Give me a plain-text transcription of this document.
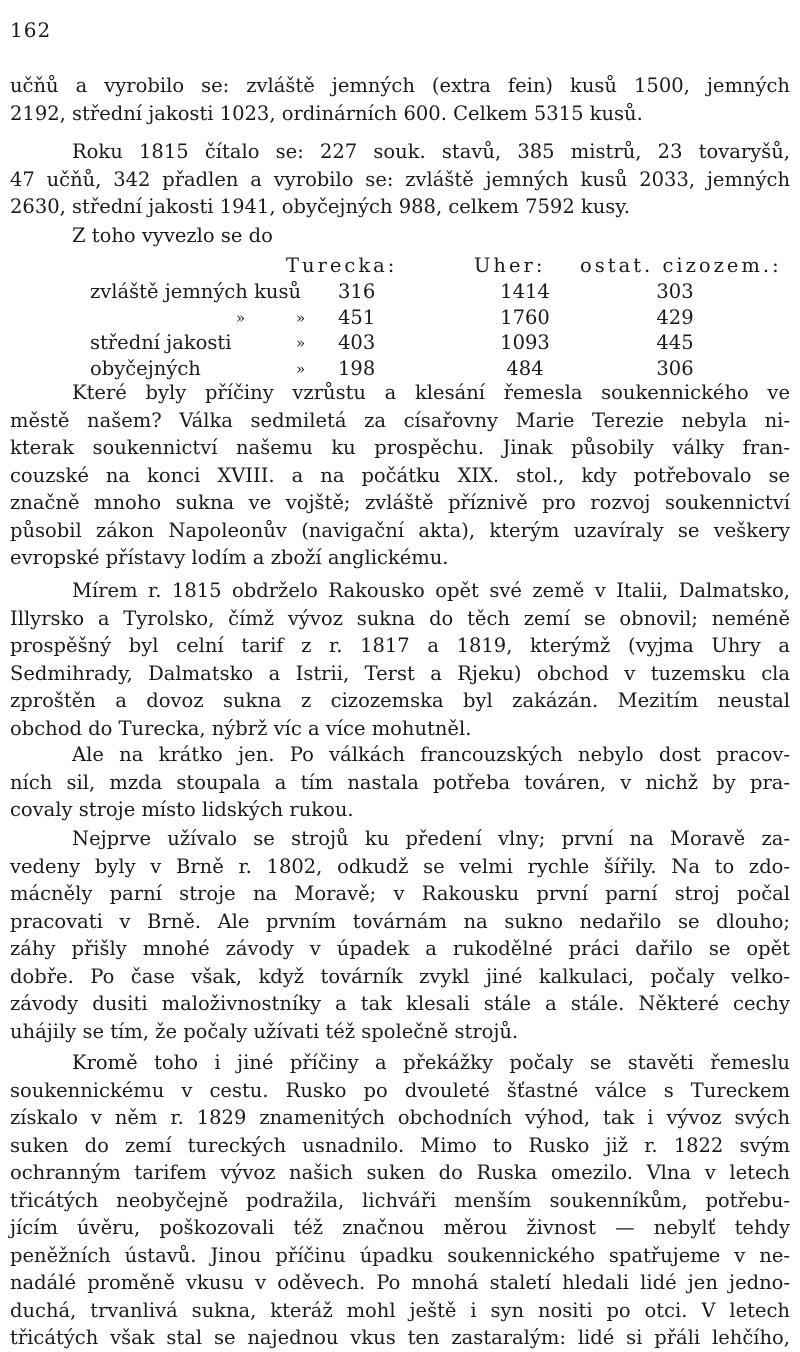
162
učňů a vyrobilo se: zvláště jemných (extra fein) kusů 1500, jemných
2192, střední jakosti 1023, ordinárních 600. Celkem 5315 kusů.
Roku 1815 čítalo se: 227 souk. stavů, 385 mistrů, 23 tovaryšů,
47 učňů, 342 přadlen a vyrobilo se: zvláště jemných kusů 2033, jemných
2630, střední jakosti 1941, obyčejných 988, celkem 7592 kusy.
Z toho vyvezlo se do
Turecka:	Uher: ostat. cizozem.:
zvláště jemných kusů 316	1414	303
»	» 451	1760	429
střední jakosti	» 403	1093	445
obyčejných	» 198	484	306
Které byly příčiny vzrůstu a klesání řemesla soukennického ve
městě našem? Válka sedmiletá za císařovny Marie Terezie nebyla ni-
kterak soukennictví našemu ku prospěchu. Jinak působily války fran-
couzské na konci XVIII. a na počátku XIX. stol., kdy potřebovalo se
značně mnoho sukna ve vojště; zvláště příznivě pro rozvoj soukennictví
působil zákon Napoleonův (navigační akta), kterým uzavíraly se veškery
evropské přístavy lodím a zboží anglickému.
Mírem r. 1815 obdrželo Rakousko opět své země v Italii, Dalmatsko,
Illyrsko a Tyrolsko, čímž vývoz sukna do těch zemí se obnovil; neméně
prospěšný byl celní tarif z r. 1817 a 1819, kterýmž (vyjma Uhry a
Sedmihrady, Dalmatsko a Istrii, Terst a Rjeku) obchod v tuzemsku cla
zproštěn a dovoz sukna z cizozemska byl zakázán. Mezitím neustal
obchod do Turecka, nýbrž víc a více mohutněl.
Ale na krátko jen. Po válkách francouzských nebylo dost pracov-
ních sil, mzda stoupala a tím nastala potřeba továren, v nichž by pra-
covaly stroje místo lidských rukou.
Nejprve užívalo se strojů ku předení vlny; první na Moravě za-
vedeny byly v Brně r. 1802, odkudž se velmi rychle šířily. Na to zdo-
mácněly parní stroje na Moravě; v Rakousku první parní stroj počal
pracovati v Brně. Ale prvním továrnám na sukno nedařilo se dlouho;
záhy přišly mnohé závody v úpadek a rukodělné práci dařilo se opět
dobře. Po čase však, když továrník zvykl jiné kalkulaci, počaly velko-
závody dusiti maloživnostníky a tak klesali stále a stále. Některé cechy
uhájily se tím, že počaly užívati též společně strojů.
Kromě toho i jiné příčiny a překážky počaly se stavěti řemeslu
soukennickému v cestu. Rusko po dvouleté šťastné válce s Tureckem
získalo v něm r. 1829 znamenitých obchodních výhod, tak i vývoz svých
suken do zemí tureckých usnadnilo. Mimo to Rusko již r. 1822 svým
ochranným tarifem vývoz našich suken do Ruska omezilo. Vlna v letech
třicátých neobyčejně podražila, lichváři menším soukenníkům, potřebu-
jícím úvěru, poškozovali též značnou měrou živnost — nebylť tehdy
peněžních ústavů. Jinou příčinu úpadku soukennického spatřujeme v ne-
nadálé proměně vkusu v oděvech. Po mnohá staletí hledali lidé jen jedno-
duchá, trvanlivá sukna, kteráž mohl ještě i syn nositi po otci. V letech
třicátých však stal se najednou vkus ten zastaralým: lidé si přáli lehčího,
